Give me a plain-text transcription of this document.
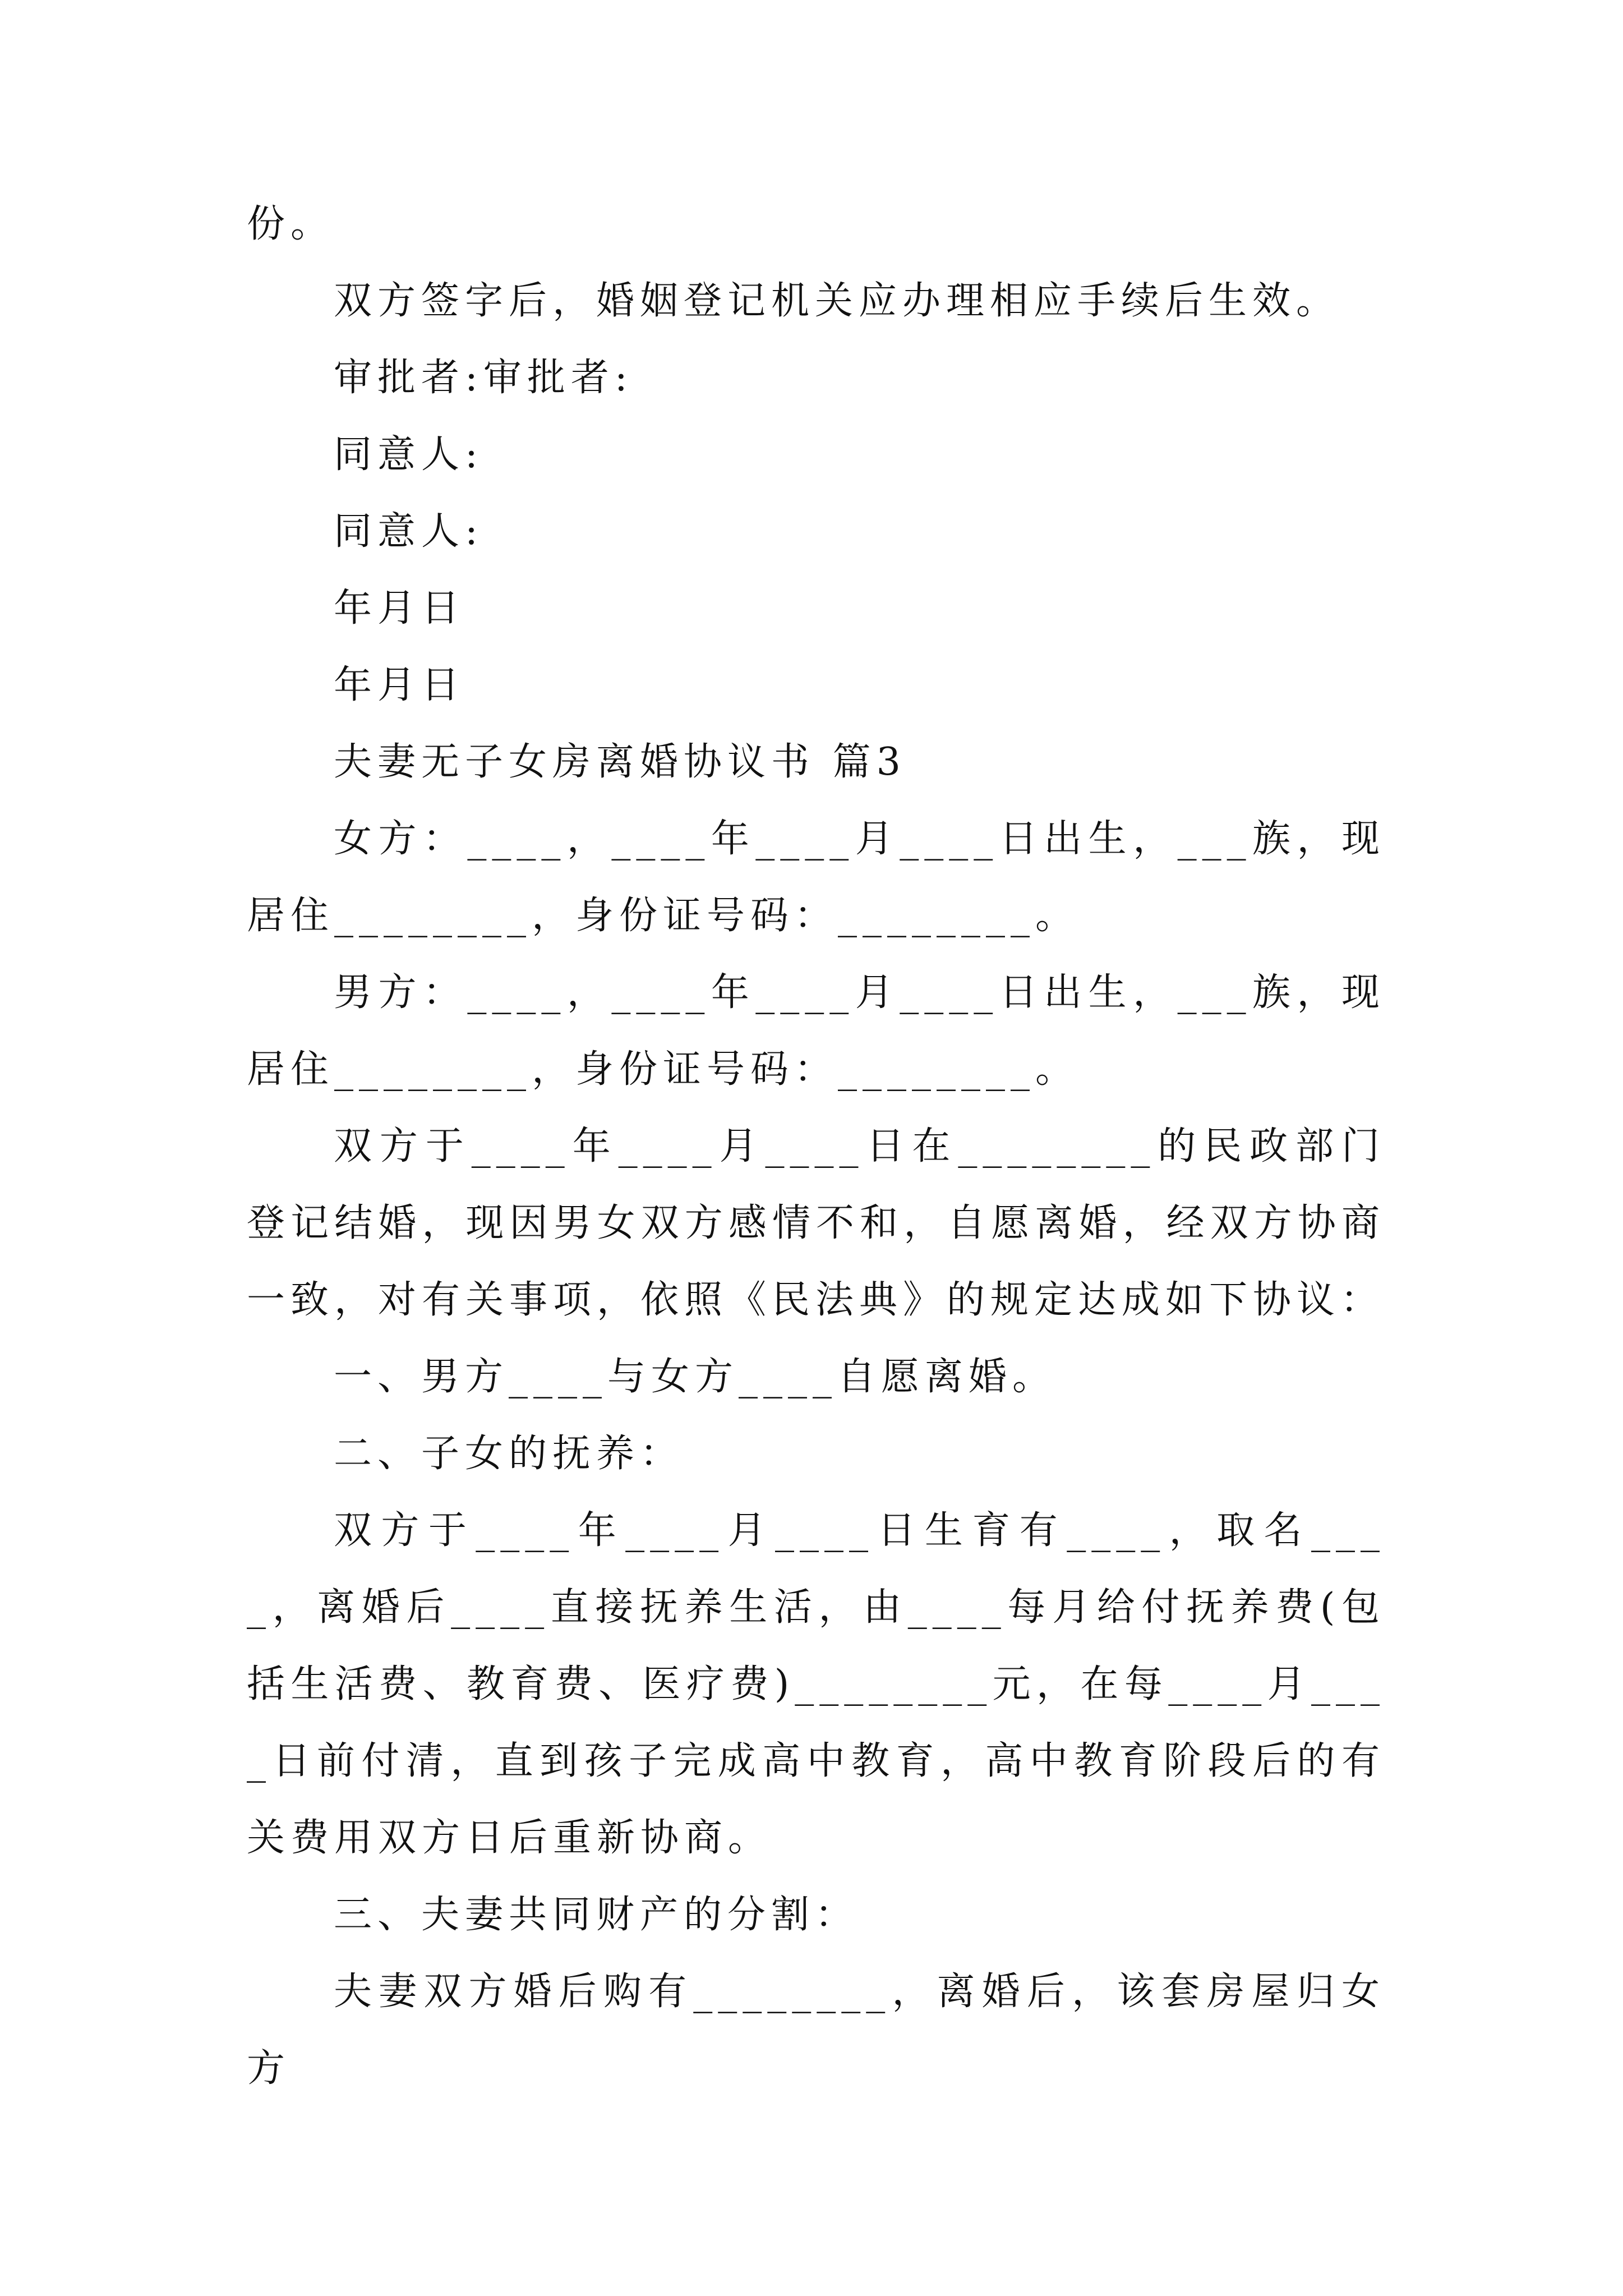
份。

双方签字后，婚姻登记机关应办理相应手续后生效。

审批者:审批者:

同意人:

同意人:

年月日

年月日

夫妻无子女房离婚协议书 篇3

女方：____，____年____月____日出生，___族，现居住________，身份证号码：________。

男方：____，____年____月____日出生，___族，现居住________，身份证号码：________。

双方于____年____月____日在________的民政部门登记结婚，现因男女双方感情不和，自愿离婚，经双方协商一致，对有关事项，依照《民法典》的规定达成如下协议：

一、男方____与女方____自愿离婚。

二、子女的抚养：

双方于____年____月____日生育有____，取名____，离婚后____直接抚养生活，由____每月给付抚养费(包括生活费、教育费、医疗费)________元，在每____月____日前付清，直到孩子完成高中教育，高中教育阶段后的有关费用双方日后重新协商。

三、夫妻共同财产的分割：

夫妻双方婚后购有________，离婚后，该套房屋归女方
